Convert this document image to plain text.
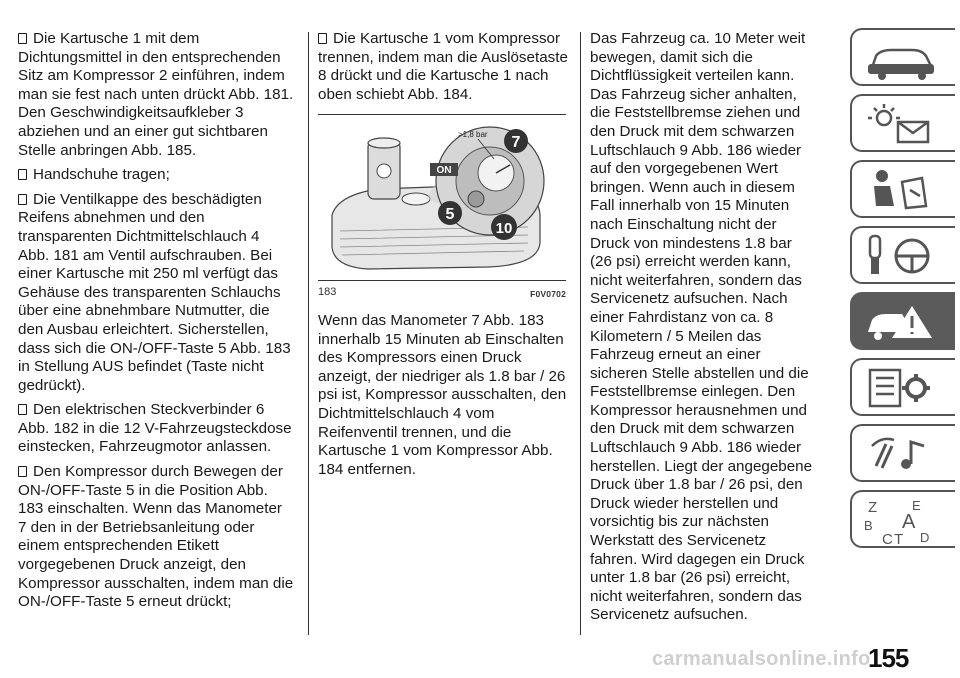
Die Kartusche 1 mit dem Dichtungsmittel in den entsprechenden Sitz am Kompressor 2 einführen, indem man sie fest nach unten drückt Abb. 181. Den Geschwindigkeitsaufkleber 3 abziehen und an einer gut sichtbaren Stelle anbringen Abb. 185.

Handschuhe tragen;

Die Ventilkappe des beschädigten Reifens abnehmen und den transparenten Dichtmittelschlauch 4 Abb. 181 am Ventil aufschrauben. Bei einer Kartusche mit 250 ml verfügt das Gehäuse des transparenten Schlauchs über eine abnehmbare Nutmutter, die den Ausbau erleichtert. Sicherstellen, dass sich die ON-/OFF-Taste 5 Abb. 183 in Stellung AUS befindet (Taste nicht gedrückt).

Den elektrischen Steckverbinder 6 Abb. 182 in die 12 V-Fahrzeugsteckdose einstecken, Fahrzeugmotor anlassen.

Den Kompressor durch Bewegen der ON-/OFF-Taste 5 in die Position Abb. 183 einschalten. Wenn das Manometer 7 den in der Betriebsanleitung oder einem entsprechenden Etikett vorgegebenen Druck anzeigt, den Kompressor ausschalten, indem man die ON-/OFF-Taste 5 erneut drückt;

Die Kartusche 1 vom Kompressor trennen, indem man die Auslösetaste 8 drückt und die Kartusche 1 nach oben schiebt Abb. 184.

ON
>1,8 bar 7
5
10
183	F0V0702

Wenn das Manometer 7 Abb. 183 innerhalb 15 Minuten ab Einschalten des Kompressors einen Druck anzeigt, der niedriger als 1.8 bar / 26 psi ist, Kompressor ausschalten, den Dichtmittelschlauch 4 vom Reifenventil trennen, und die Kartusche 1 vom Kompressor Abb. 184 entfernen.

Das Fahrzeug ca. 10 Meter weit bewegen, damit sich die Dichtflüssigkeit verteilen kann. Das Fahrzeug sicher anhalten, die Feststellbremse ziehen und den Druck mit dem schwarzen Luftschlauch 9 Abb. 186 wieder auf den vorgegebenen Wert bringen. Wenn auch in diesem Fall innerhalb von 15 Minuten nach Einschaltung nicht der Druck von mindestens 1.8 bar (26 psi) erreicht werden kann, nicht weiterfahren, sondern das Servicenetz aufsuchen. Nach einer Fahrdistanz von ca. 8 Kilometern / 5 Meilen das Fahrzeug erneut an einer sicheren Stelle abstellen und die Feststellbremse einlegen. Den Kompressor herausnehmen und den Druck mit dem schwarzen Luftschlauch 9 Abb. 186 wieder herstellen. Liegt der angegebene Druck über 1.8 bar / 26 psi, den Druck wieder herstellen und vorsichtig bis zur nächsten Werkstatt des Servicenetz fahren. Wird dagegen ein Druck unter 1.8 bar (26 psi) erreicht, nicht weiterfahren, sondern das Servicenetz aufsuchen.

Z	E
B A
C T D
carmanualsonline.info
155
